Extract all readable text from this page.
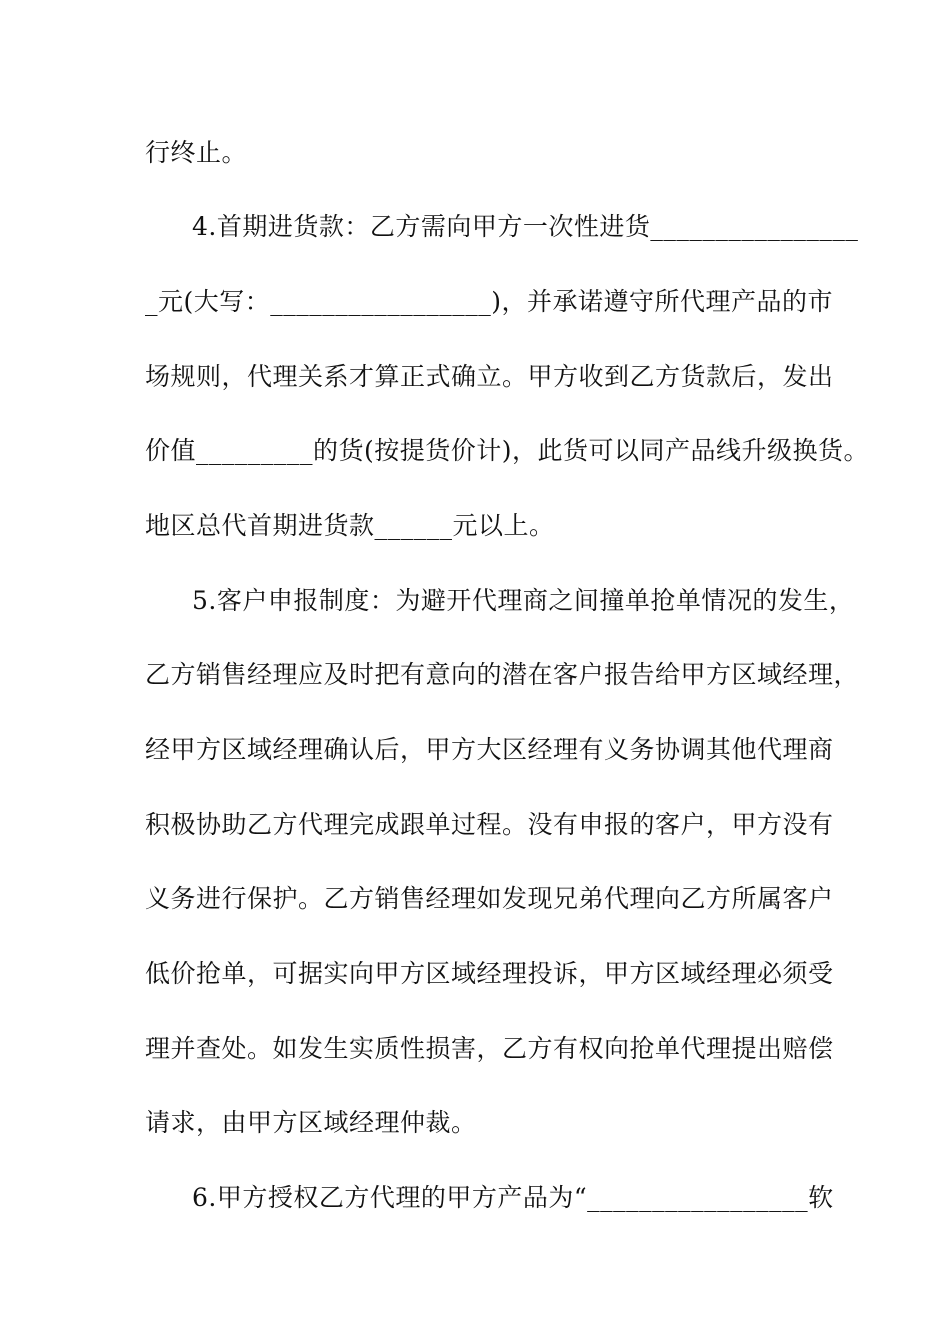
行终止。
4.首期进货款：乙方需向甲方一次性进货________________
_元(大写：_________________)，并承诺遵守所代理产品的市
场规则，代理关系才算正式确立。甲方收到乙方货款后，发出
价值_________的货(按提货价计)，此货可以同产品线升级换货。
地区总代首期进货款______元以上。
5.客户申报制度：为避开代理商之间撞单抢单情况的发生，
乙方销售经理应及时把有意向的潜在客户报告给甲方区域经理，
经甲方区域经理确认后，甲方大区经理有义务协调其他代理商
积极协助乙方代理完成跟单过程。没有申报的客户，甲方没有
义务进行保护。乙方销售经理如发现兄弟代理向乙方所属客户
低价抢单，可据实向甲方区域经理投诉，甲方区域经理必须受
理并查处。如发生实质性损害，乙方有权向抢单代理提出赔偿
请求，由甲方区域经理仲裁。
6.甲方授权乙方代理的甲方产品为“_________________软
